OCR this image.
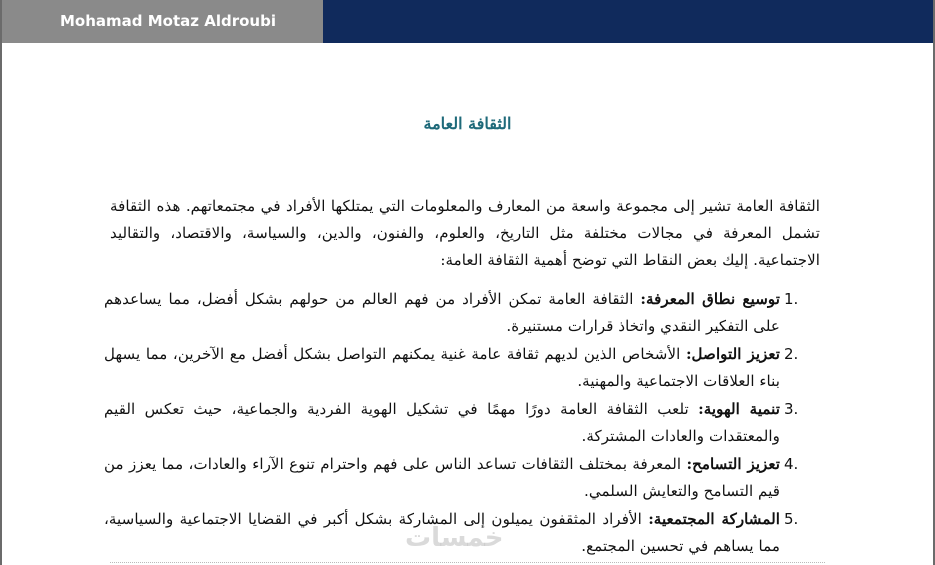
Mohamad Motaz Aldroubi
الثقافة العامة
الثقافة العامة تشير إلى مجموعة واسعة من المعارف والمعلومات التي يمتلكها الأفراد في مجتمعاتهم. هذه الثقافة تشمل المعرفة في مجالات مختلفة مثل التاريخ، والعلوم، والفنون، والدين، والسياسة، والاقتصاد، والتقاليد الاجتماعية. إليك بعض النقاط التي توضح أهمية الثقافة العامة:
1.
توسيع نطاق المعرفة: الثقافة العامة تمكن الأفراد من فهم العالم من حولهم بشكل أفضل، مما يساعدهم على التفكير النقدي واتخاذ قرارات مستنيرة.
2.
تعزيز التواصل: الأشخاص الذين لديهم ثقافة عامة غنية يمكنهم التواصل بشكل أفضل مع الآخرين، مما يسهل بناء العلاقات الاجتماعية والمهنية.
3.
تنمية الهوية: تلعب الثقافة العامة دورًا مهمًا في تشكيل الهوية الفردية والجماعية، حيث تعكس القيم والمعتقدات والعادات المشتركة.
4.
تعزيز التسامح: المعرفة بمختلف الثقافات تساعد الناس على فهم واحترام تنوع الآراء والعادات، مما يعزز من قيم التسامح والتعايش السلمي.
5.
المشاركة المجتمعية: الأفراد المثقفون يميلون إلى المشاركة بشكل أكبر في القضايا الاجتماعية والسياسية، مما يساهم في تحسين المجتمع.
خمسات
